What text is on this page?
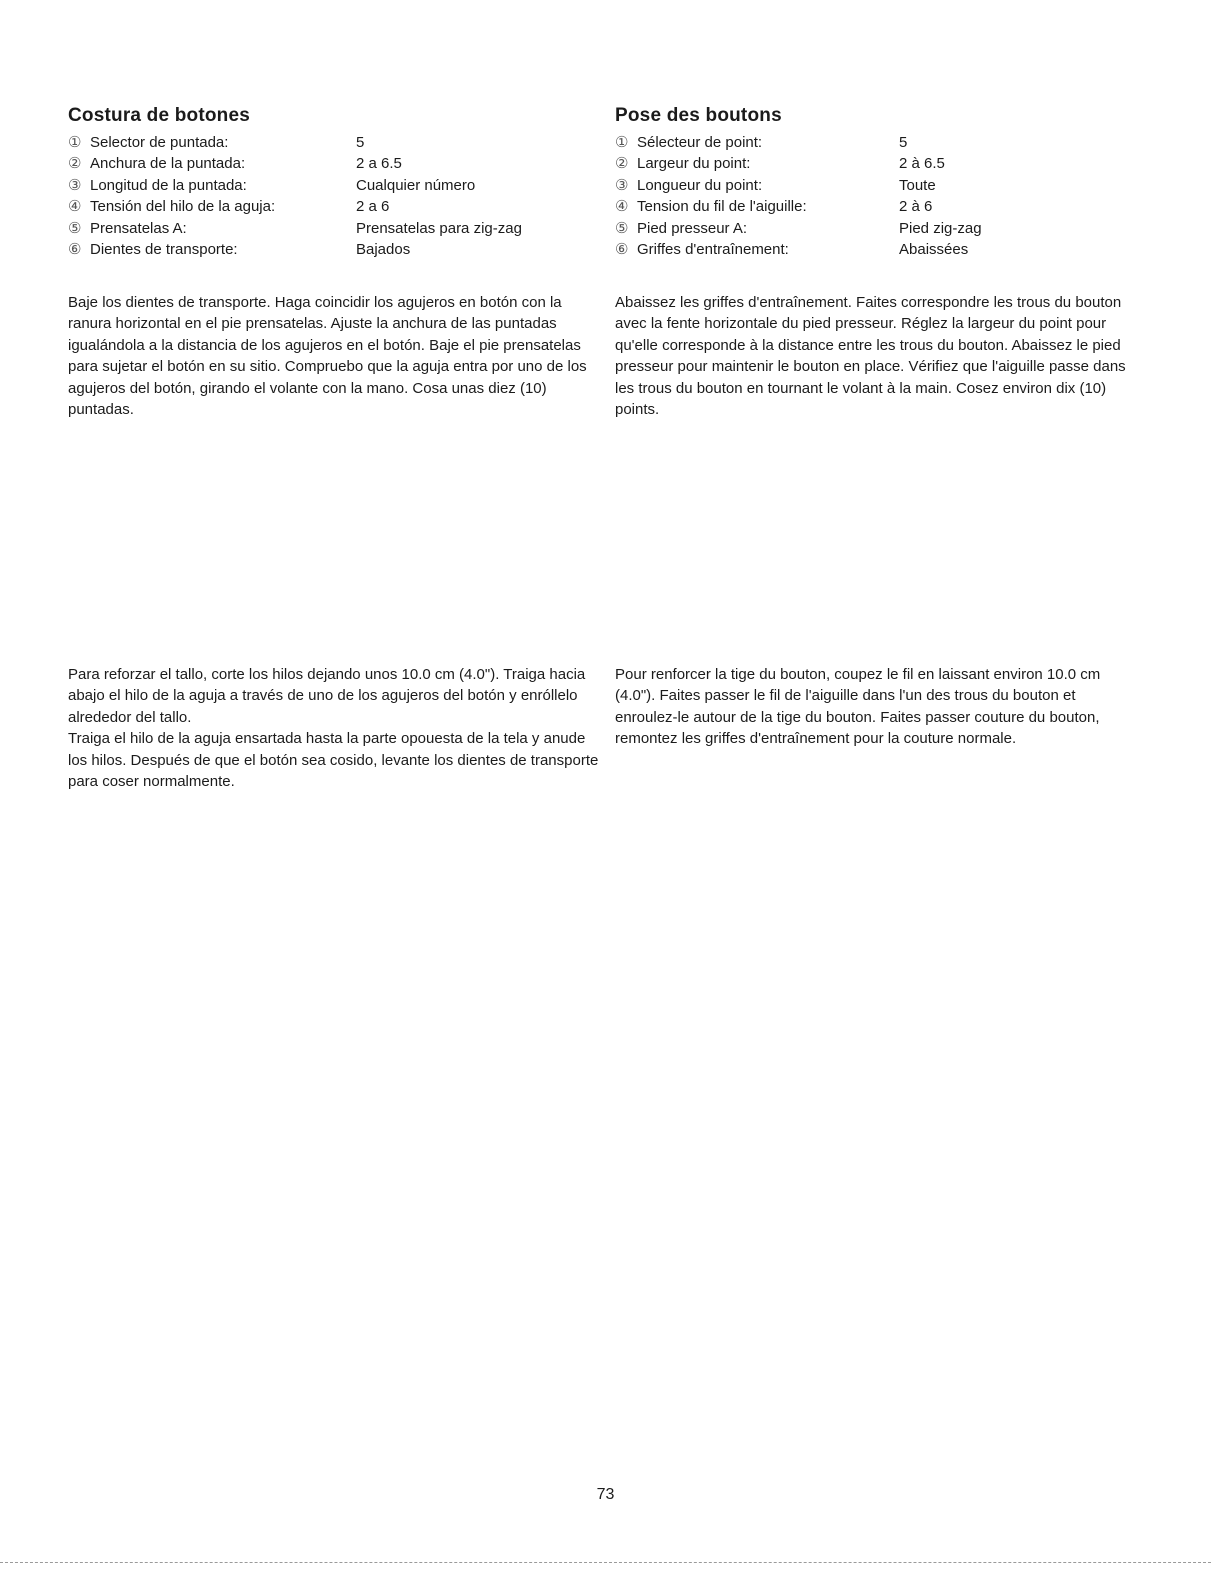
Costura de botones
① Selector de puntada:	5
② Anchura de la puntada:	2 a 6.5
③ Longitud de la puntada:	Cualquier número
④ Tensión del hilo de la aguja:	2 a 6
⑤ Prensatelas A:	Prensatelas para zig-zag
⑥ Dientes de transporte:	Bajados
Pose des boutons
① Sélecteur de point:	5
② Largeur du point:	2 à 6.5
③ Longueur du point:	Toute
④ Tension du fil de l'aiguille:	2 à 6
⑤ Pied presseur A:	Pied zig-zag
⑥ Griffes d'entraînement:	Abaissées

Baje los dientes de transporte. Haga coincidir los agujeros en botón con la ranura horizontal en el pie prensatelas. Ajuste la anchura de las puntadas igualándola a la distancia de los agujeros en el botón. Baje el pie prensatelas para sujetar el botón en su sitio. Compruebo que la aguja entra por uno de los agujeros del botón, girando el volante con la mano. Cosa unas diez (10) puntadas.

Abaissez les griffes d'entraînement. Faites correspondre les trous du bouton avec la fente horizontale du pied presseur. Réglez la largeur du point pour qu'elle corresponde à la distance entre les trous du bouton. Abaissez le pied presseur pour maintenir le bouton en place. Vérifiez que l'aiguille passe dans les trous du bouton en tournant le volant à la main. Cosez environ dix (10) points.

Para reforzar el tallo, corte los hilos dejando unos 10.0 cm (4.0"). Traiga hacia abajo el hilo de la aguja a través de uno de los agujeros del botón y enróllelo alrededor del tallo.

Traiga el hilo de la aguja ensartada hasta la parte opouesta de la tela y anude los hilos. Después de que el botón sea cosido, levante los dientes de transporte para coser normalmente.

Pour renforcer la tige du bouton, coupez le fil en laissant environ 10.0 cm (4.0"). Faites passer le fil de l'aiguille dans l'un des trous du bouton et enroulez-le autour de la tige du bouton. Faites passer couture du bouton, remontez les griffes d'entraînement pour la couture normale.

73
